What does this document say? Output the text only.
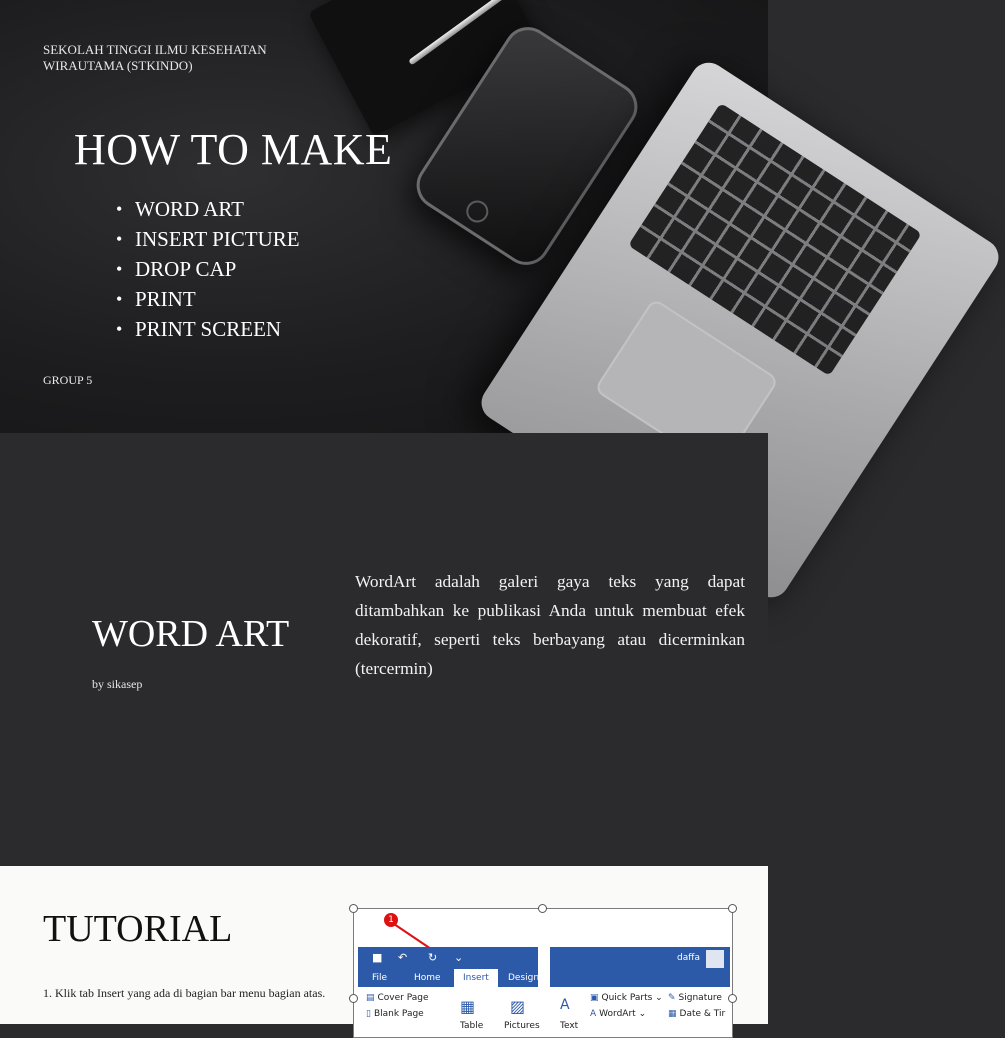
SEKOLAH TINGGI ILMU KESEHATAN WIRAUTAMA (STKINDO)
HOW TO MAKE
• WORD ART
• INSERT PICTURE
• DROP CAP
• PRINT
• PRINT SCREEN
GROUP 5
WORD ART
by sikasep

WordArt adalah galeri gaya teks yang dapat ditambahkan ke publikasi Anda untuk membuat efek dekoratif, seperti teks berbayang atau dicerminkan (tercermin)

TUTORIAL

1. Klik tab Insert yang ada di bagian bar menu bagian atas.

1
■ ↶ ↻ ⌄
File	Home	Insert	Design
daffa
▤ Cover Page
▯ Blank Page
Table
▦
Pictures
▨
Text
A ▣ Quick Parts ⌄
A WordArt ⌄
✎ Signature
▦ Date & Tir
